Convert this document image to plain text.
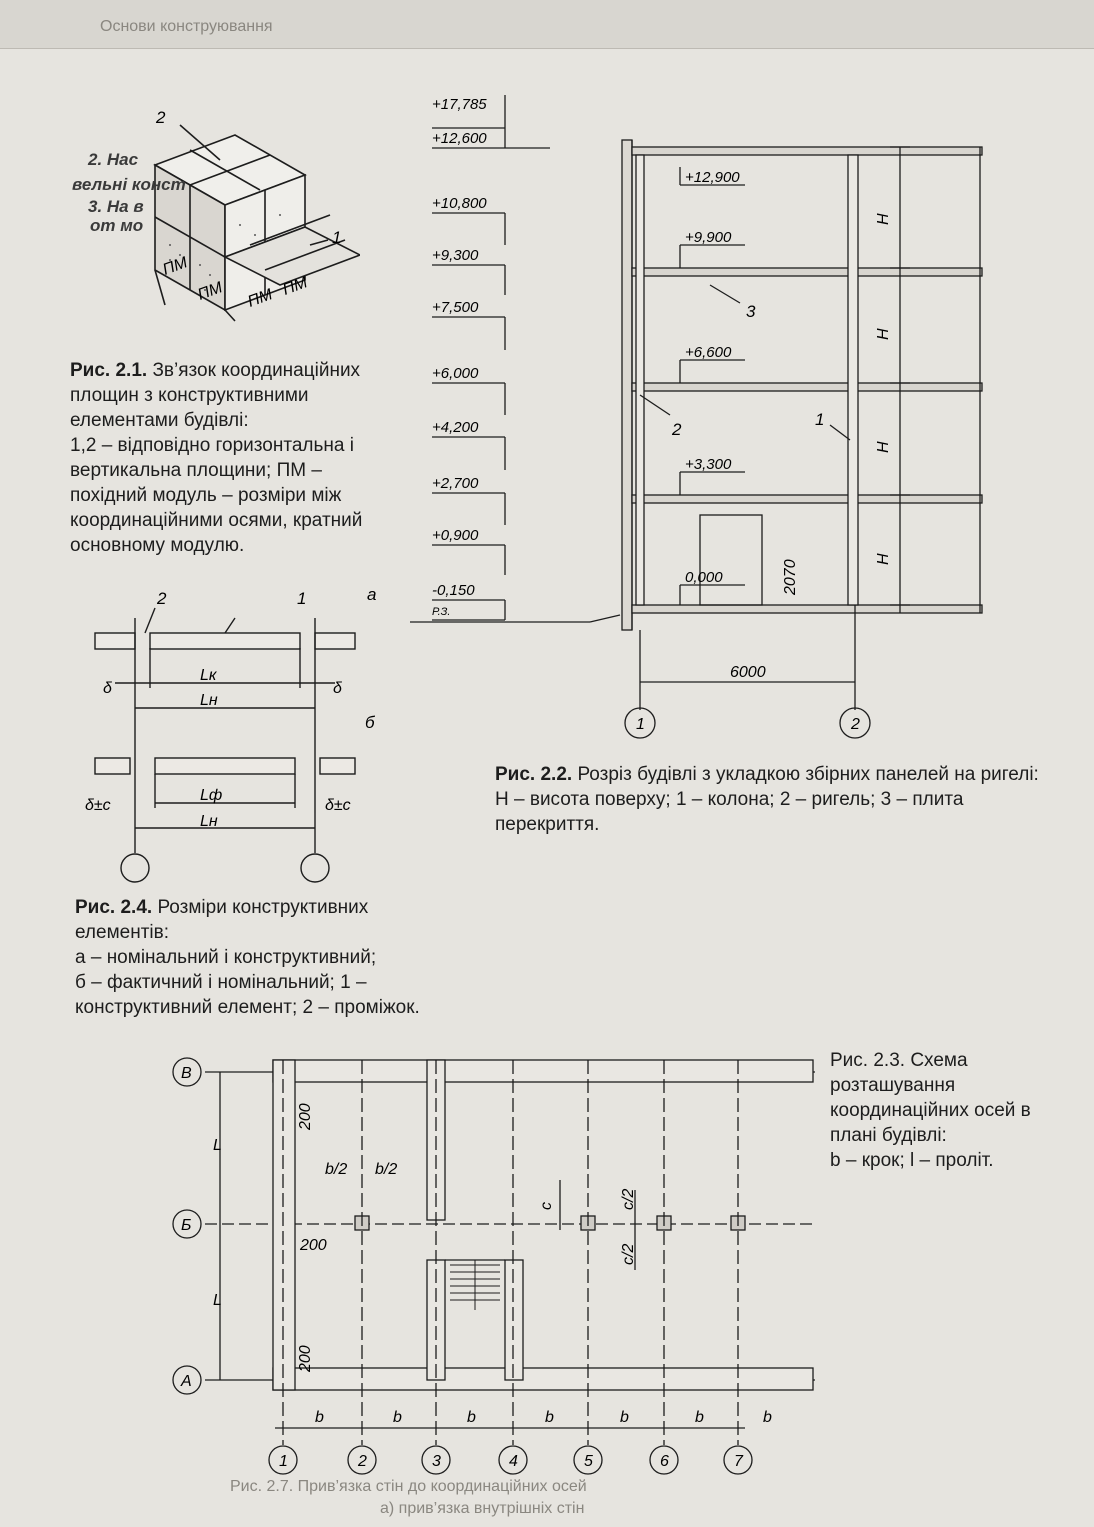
Основи конструювання
2
1
ПМ
ПМ ПМ ПМ
2. Нас
вельні конст
3. На в
от мо
Рис. 2.1. Зв’язок координаційних площин з конструктивними елементами будівлі:
1,2 – відповідно горизонтальна і вертикальна площини; ПМ –
похідний модуль – розміри між координаційними осями, кратний основному модулю.
+17,785
+12,600
+10,800
+9,300
+7,500
+6,000
+4,200
+2,700
+0,900
-0,150
Р.З.
+12,900
+9,900
+6,600
+3,300
0,000
H
H
H
H
2070
6000
1	2
3
2
1
Рис. 2.2. Розріз будівлі з укладкою збірних панелей на ригелі:
Н – висота поверху; 1 – колона; 2 – ригель; 3 – плита перекриття.
2	1	а
б
δ	δ
Lк
Lн
Lф
Lн
δ±с	δ±с
Рис. 2.4. Розміри конструктивних елементів:
а – номінальний і конструктивний;
б – фактичний і номінальний; 1 – конструктивний елемент; 2 – проміжок.
В
Б
А
1	2	3	4	5	6	7
b	b	b	b	b	b	b
L
L
b/2 b/2
c	c/2
c/2
200
200
200
Рис. 2.3. Схема розташування координаційних осей в плані будівлі:
b – крок; l – проліт.
Рис. 2.7. Прив’язка стін до координаційних осей
а) прив’язка внутрішніх стін
